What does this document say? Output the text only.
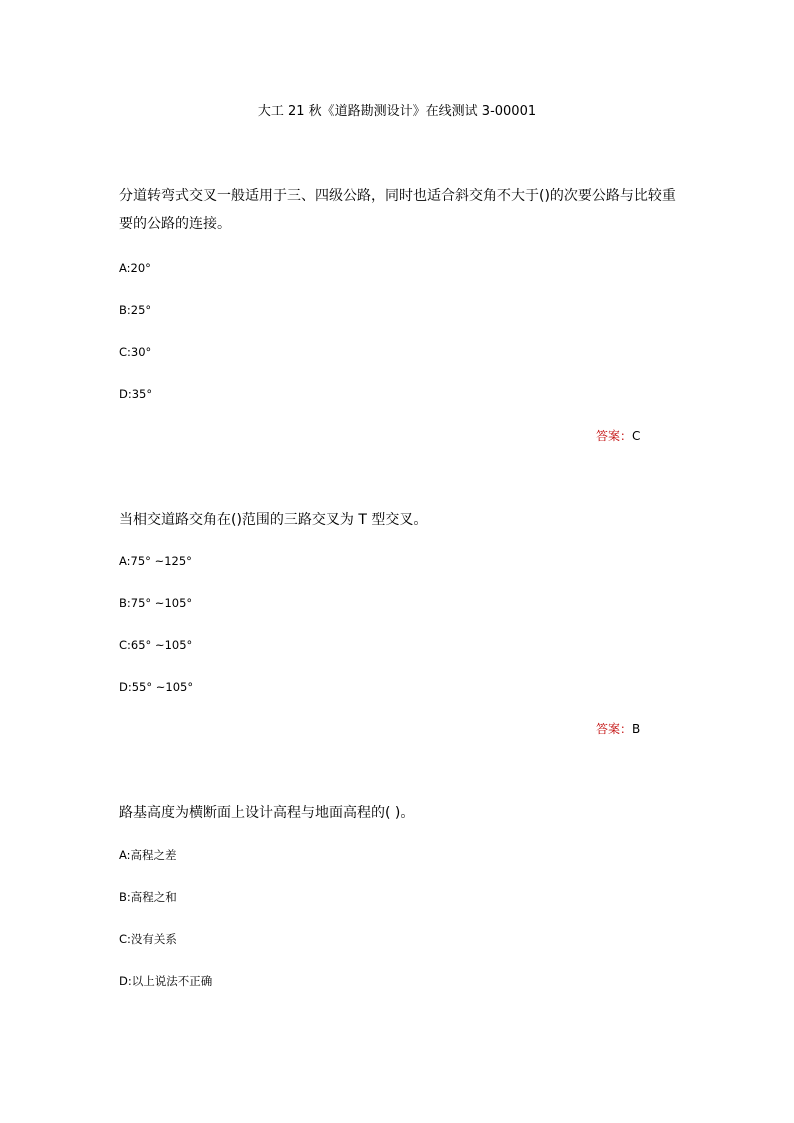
大工 21 秋《道路勘测设计》在线测试 3-00001
分道转弯式交叉一般适用于三、四级公路，同时也适合斜交角不大于()的次要公路与比较重要的公路的连接。
A:20°
B:25°
C:30°
D:35°
答案：C
当相交道路交角在()范围的三路交叉为 T 型交叉。
A:75° ~125°
B:75° ~105°
C:65° ~105°
D:55° ~105°
答案：B
路基高度为横断面上设计高程与地面高程的( )。
A:高程之差
B:高程之和
C:没有关系
D:以上说法不正确
